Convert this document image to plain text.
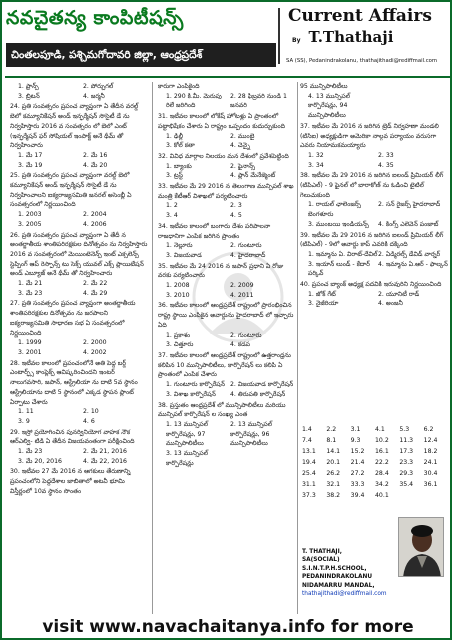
నవచైతన్య కాంపిటీషన్స్
చింతలపూడి, పశ్చిమగోదావరి జిల్లా, ఆంధ్రప్రదేశ్
Current Affairs
By T.Thathaji
SA (SS), Pedanindrakolanu, thathajithadi@rediffmail.com
1. ఫ్రాన్స్	2. పోర్చుగల్
3. బ్రిటన్	4. జర్మనీ
24. ప్రతి సంవత్సరం ప్రపంచ వ్యాప్తంగా ఏ తేదీన వరల్డ్ బెలో కమ్యూనికేషన్ అండ్ ఇన్ఫర్మేషన్ సొసైటీ డే ను నిర్వహిస్తారు 2016 వ సంవత్సరం లో బెలో ఎంట్ (ఇన్ఫర్మేషన్ ఫర్ సోషియల్ ఇంపాక్ట్ అనే థీమ్ తో నిర్వహించారు
1. మే 17	2. మే 16
3. మే 19	4. మే 20
25. ప్రతి సంవత్సరం ప్రపంచ వ్యాప్తంగా వరల్డ్ బెలో కమ్యూనికేషన్ అండ్ ఇన్ఫర్మేషన్ సొసైటీ డే ను నిర్వహించాలని ఐక్యరాజ్యసమితి జనరల్ అసెంబ్లీ ఏ సంవత్సరంలో నిర్ణయించింది
1. 2003	2. 2004
3. 2005	4. 2006
26. ప్రతి సంవత్సరం ప్రపంచ వ్యాప్తంగా ఏ తేదీ న అంతర్జాతీయ శాంతిపరిరక్షకుల దినోత్సవం ను నిర్వహిస్తారు 2016 వ సంవత్సరంలో మెయింటెనెన్స్ ఇంట్ ఎక్సలెన్స్ స్టెప్పింగ్ ఆప్ రెస్పాన్స్ టు సెక్స్ యువల్ ఎక్స్ ప్లాయిటేషన్ అండ్ ఎబ్యూజ్ అనే థీమ్ తో నిర్వహించారు
1. మే 21	2. మే 22
3. మే 23	4. మే 29
27. ప్రతి సంవత్సరం ప్రపంచ వ్యాప్తంగా అంతర్జాతీయ శాంతిపరిరక్షకుల దినోత్సవం ను జరపాలని ఐక్యరాజ్యసమితి సాధారణ సభ ఏ సంవత్సరంలో నిర్ణయించింది
1. 1999	2. 2000
3. 2001	4. 2002
28. ఇటీవల కాలంలో ప్రపంచంలోనే అతి పెద్ద బర్డ్ ఎంటార్ఫ్స్ కాంప్లెక్స్ ఆవిష్కరించిందని ఇంటర్ నాలుగవసారి, జపాన్, ఆస్ట్రేలియా ను దాటి 5వ స్థానం ఆస్ట్రేలియాను దాటి 5 స్థానంలో ఎక్కడ స్థాపన ప్లాంట్ ఏర్పాటు చేశారు
1. 11	2. 10
3. 9	4. 6
29. ఇస్రో ప్రయోగించిన పునర్వినియోగ వాహక నౌక ఆర్ఎల్వి- టిడి ఏ తేదీన విజయవంతంగా పరీక్షించింది
1. మే 23	2. మే 21, 2016
3. మే 20, 2016	4. మే 22, 2016
30. ఇటీవల 27 మే 2016 న ఆగకులు తేరుణాన్ని ప్రపంచంలోని పెద్దదేశాల జాబితాలో అటవీ భూమి విస్తీర్ణంలో 10వ స్థానం సొంతం
కారుగా ఎంపికైంది
1. 290 కి.మీ. మెరుపు రిలే జరిగింది
2. 28 ఫిబ్రవరి నుండి 1 జనవరి
31. ఇటీవల కాలంలో లోకేష్ హోటళ్లు ఏ ప్రాంతంలో పట్టాభిషేకం చేశారు ఏ రాష్ట్రం ఒప్పందం కుదుర్చుకుంది
1. ఢిల్లీ	2. ముంబై
3. కోల్ కతా	4. చెన్నై
32. వివిధ మార్గాల నిలయం మన దేశంలో ప్రవేశపెట్టింది
1. బ్యాంకు	2. ఫైనాన్స్
3. ట్రస్ట్	4. ప్లాన్ మేనేజ్మెంట్
33. ఇటీవల మే 29 2016 న తెలంగాణ మున్సిపల్ శాఖ మంత్రి కేటీఆర్ విశాఖలో పర్యటించారు
1. 2	2. 3
3. 4	4. 5
34. ఇటీవల కాలంలో బంగారు దేశం పరిపాలనా రాజధానిగా ఎంపిక జరిగిన ప్రాంతం
1. నెల్లూరు	2. గుంటూరు
3. విజయవాడ	4. హైదరాబాద్
35. ఇటీవల మే 24 2016 న జపాన్ ప్రధాని ఏ రోజు వరకు పర్యటించారు
1. 2008	2. 2009
3. 2010	4. 2011
36. ఇటీవల కాలంలో ఆంధ్రప్రదేశ్ రాష్ట్రంలో ప్రారంభించిన రాష్ట్ర స్థాయి ఎంపికైన అవార్డును హైదరాబాద్ లో ఇచ్చారు ఏది
1. ప్రకాశం	2. గుంటూరు
3. చిత్తూరు	4. కడప
37. ఇటీవల కాలంలో ఆంధ్రప్రదేశ్ రాష్ట్రంలో ఉత్తరాంధ్రను కలిపిన 10 మున్సిపాలిటీలు, కార్పొరేషన్ లు కలిపి ఏ ప్రాంతంలో ఎంపిక చేశారు
1. గుంటూరు కార్పొరేషన్ 2. విజయవాడ కార్పొరేషన్
3. విశాఖ కార్పొరేషన్	4. తిరుపతి కార్పొరేషన్
38. ప్రస్తుతం ఆంధ్రప్రదేశ్ లో మున్సిపాలిటీలు మరియు మున్సిపల్ కార్పొరేషన్ ల సంఖ్య ఎంత
1. 13 మున్సిపల్ కార్పొరేషన్లు, 97 మున్సిపాలిటీలు
2. 13 మున్సిపల్ కార్పొరేషన్లు, 96 మున్సిపాలిటీలు
3. 13 మున్సిపల్ కార్పొరేషన్లు
95 మున్సిపాలిటీలు
4. 13 మున్సిపల్ కార్పొరేషన్లు, 94 మున్సిపాలిటీలు
37. ఇటీవల మే 2016 న జరిగిన ట్రెడ్ నిర్వహణా మండలి (టిసిఐ) అధ్యక్షుడిగా అమెరికా నాల్గవ పర్యాయం వరుసగా ఎవరు నియామకమయ్యారు
1. 32	2. 33
3. 34	4. 35
38. ఇటీవల మే 29 2016 న జరిగిన ఐలండ్ ప్రిమియర్ లీగ్ (టిపిఎల్) - 9 ఫైనల్ లో బారాకోణ్ ను ఓడించి టైటిల్ గెలుచుకుంది
1. రాయల్ ఛాలెంజర్స్ బెంగళూరు
2. సన్ రైజర్స్ హైదరాబాద్
3. ముంబయి ఇండియన్స్	4. కింగ్స్ ఎలెవెన్ పంజాబ్
39. ఇటీవల మే 29 2016 న జరిగిన ఐలండ్ ప్రిమియర్ లీగ్ (టిపిఎల్) - 9లో అవార్డు కాప్ ఎవరికి దక్కింది
1. ఇమ్మాను ఏ. విరాట్-దేవిల్ 2. ఏడ్మిరల్స్ డేవిడ్ వార్నర్
3. ఇయాన్ లుండ్ - కేదార్ పర్కివ్
4. ఇమ్మాను ఏ.ఆర్ - ఫాల్కన్
40. ప్రపంచ బ్యాంక్ అధ్యక్ష పదవికి ఇరువురిని నిర్ణయించింది
1. జోక్ గేట్	2. యూనిటీ రాడ్
3. నైజీరియా	4. అంజనీ
1.4	2.2	3.1	4.1	5.3	6.2
7.4	8.1	9.3	10.2	11.3	12.4
13.1	14.1	15.2	16.1	17.3	18.2
19.4	20.1	21.4	22.2	23.3	24.1
25.4	26.2	27.2	28.4	29.3	30.4
31.1	32.1	33.3	34.2	35.4	36.1
37.3	38.2	39.4	40.1
T. THATHAJI,
SA(SOCIAL)
S.I.N.T.P.H.SCHOOL,
PEDANINDRAKOLANU
NIDAMARRU MANDAL,
thathajithadi@rediffmail.com
visit www.navachaitanya.info for more
